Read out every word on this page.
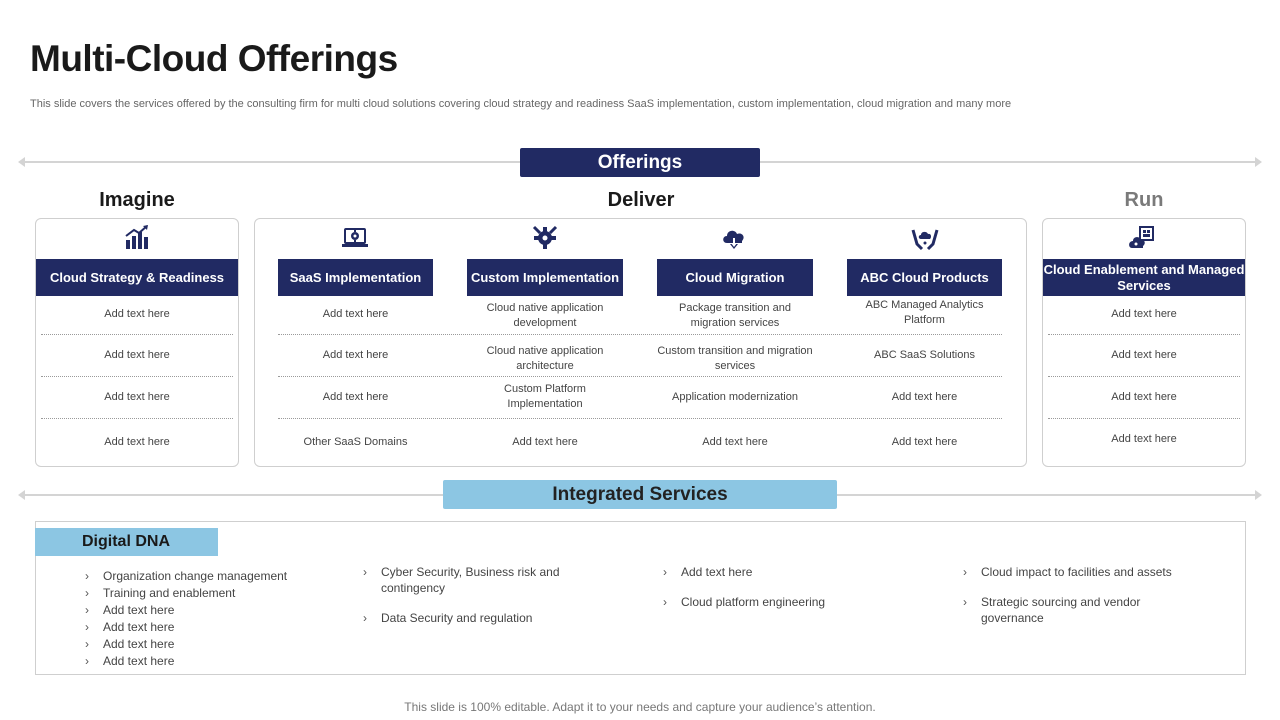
Multi-Cloud Offerings
This slide covers the services offered by the consulting firm for multi cloud solutions covering cloud strategy and readiness SaaS implementation, custom implementation, cloud migration and many more
Offerings
Imagine	Deliver	Run
Cloud Strategy & Readiness
Add text here
Add text here
Add text here
Add text here
SaaS Implementation
Add text here
Add text here
Add text here
Other SaaS Domains
Custom Implementation
Cloud native application development
Cloud native application architecture
Custom Platform Implementation
Add text here
Cloud Migration
Package transition and migration services
Custom transition and migration services
Application modernization
Add text here
ABC Cloud Products
ABC Managed Analytics Platform
ABC SaaS Solutions
Add text here
Add text here
Cloud Enablement and Managed Services
Add text here
Add text here
Add text here
Add text here
Integrated Services
Digital DNA
› Organization change management
› Training and enablement
› Add text here
› Add text here
› Add text here
› Add text here
› Cyber Security, Business risk and contingency
› Data Security and regulation
› Add text here
› Cloud platform engineering
› Cloud impact to facilities and assets
› Strategic sourcing and vendor governance
This slide is 100% editable. Adapt it to your needs and capture your audience’s attention.
